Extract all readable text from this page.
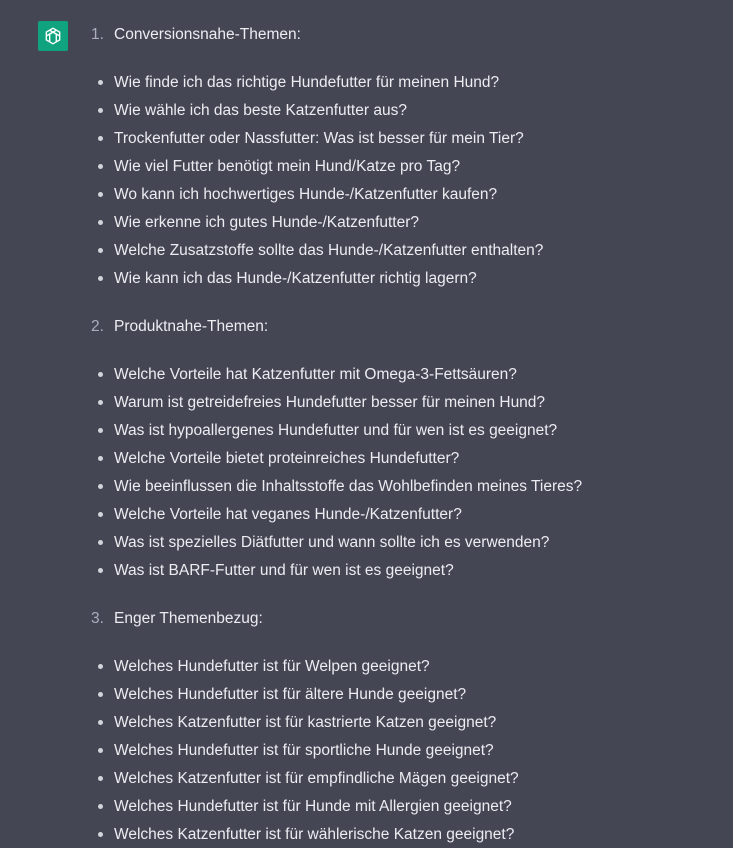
1. Conversionsnahe-Themen:
Wie finde ich das richtige Hundefutter für meinen Hund?
Wie wähle ich das beste Katzenfutter aus?
Trockenfutter oder Nassfutter: Was ist besser für mein Tier?
Wie viel Futter benötigt mein Hund/Katze pro Tag?
Wo kann ich hochwertiges Hunde-/Katzenfutter kaufen?
Wie erkenne ich gutes Hunde-/Katzenfutter?
Welche Zusatzstoffe sollte das Hunde-/Katzenfutter enthalten?
Wie kann ich das Hunde-/Katzenfutter richtig lagern?
2. Produktnahe-Themen:
Welche Vorteile hat Katzenfutter mit Omega-3-Fettsäuren?
Warum ist getreidefreies Hundefutter besser für meinen Hund?
Was ist hypoallergenes Hundefutter und für wen ist es geeignet?
Welche Vorteile bietet proteinreiches Hundefutter?
Wie beeinflussen die Inhaltsstoffe das Wohlbefinden meines Tieres?
Welche Vorteile hat veganes Hunde-/Katzenfutter?
Was ist spezielles Diätfutter und wann sollte ich es verwenden?
Was ist BARF-Futter und für wen ist es geeignet?
3. Enger Themenbezug:
Welches Hundefutter ist für Welpen geeignet?
Welches Hundefutter ist für ältere Hunde geeignet?
Welches Katzenfutter ist für kastrierte Katzen geeignet?
Welches Hundefutter ist für sportliche Hunde geeignet?
Welches Katzenfutter ist für empfindliche Mägen geeignet?
Welches Hundefutter ist für Hunde mit Allergien geeignet?
Welches Katzenfutter ist für wählerische Katzen geeignet?
